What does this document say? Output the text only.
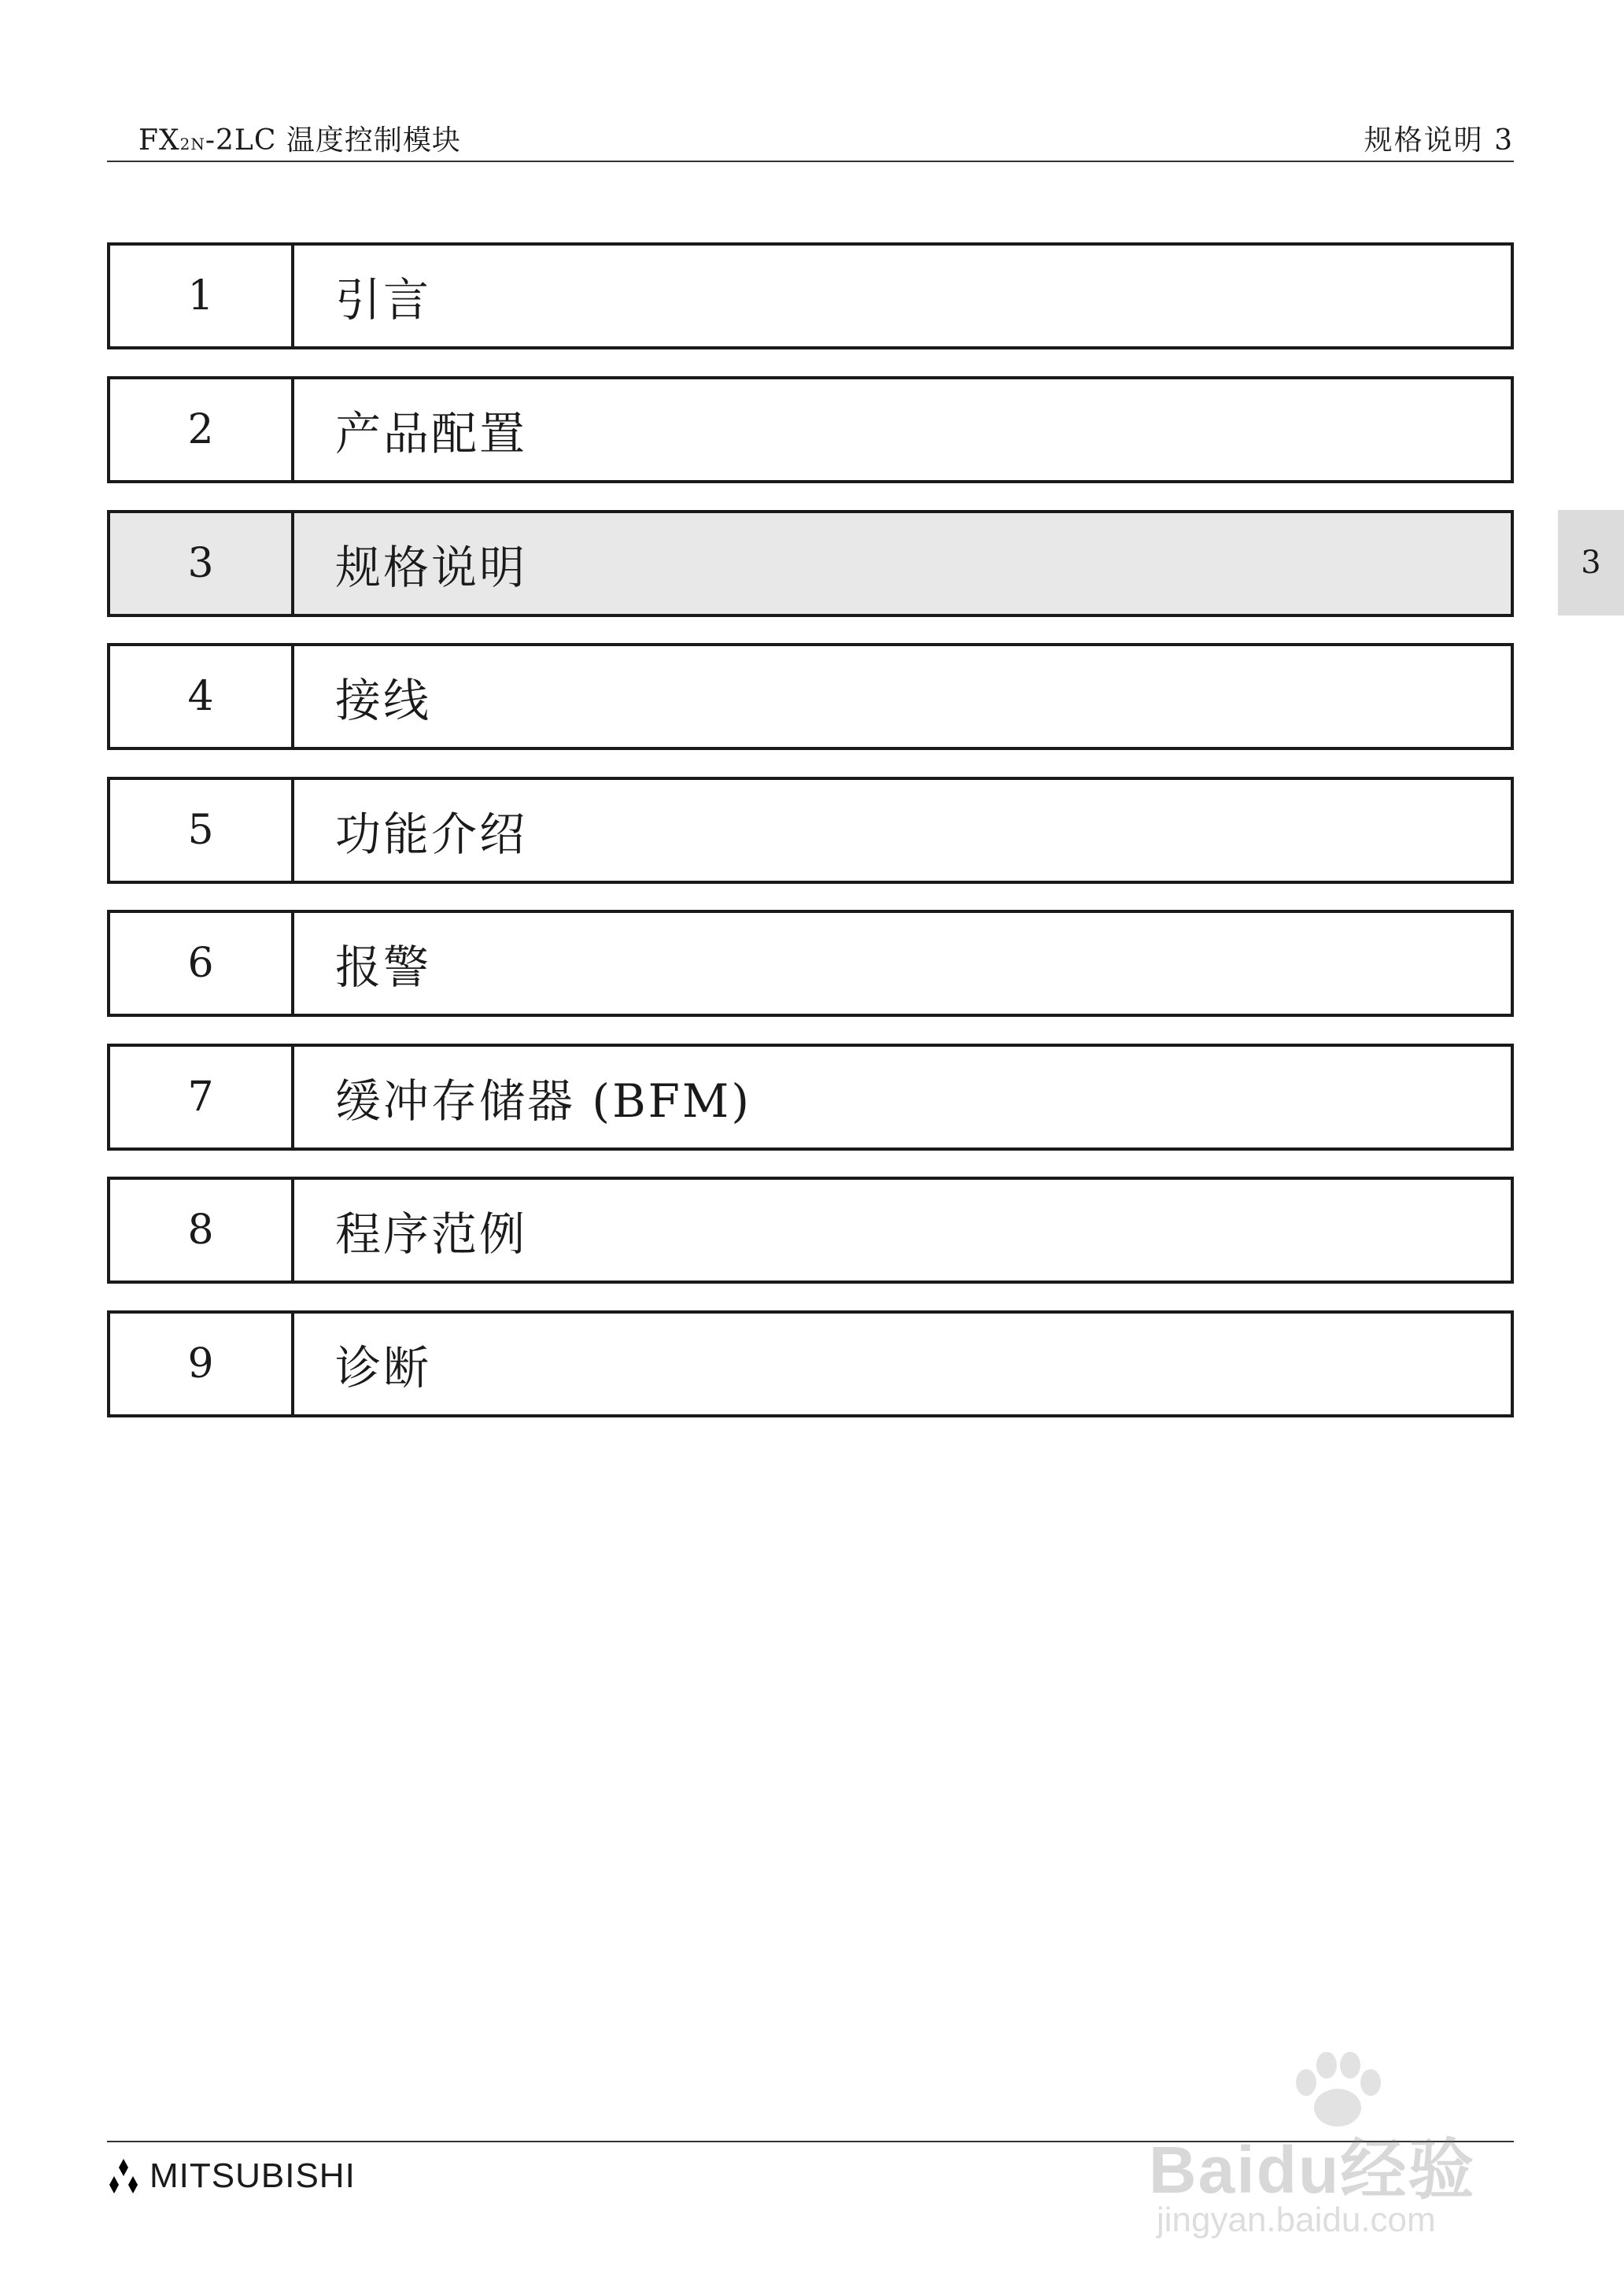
FX2N-2LC 温度控制模块	规格说明 3
1	引言
2	产品配置
3	规格说明
4	接线
5	功能介绍
6	报警
7	缓冲存储器 (BFM)
8	程序范例
9	诊断
3
MITSUBISHI	Baidu经验
jingyan.baidu.com
